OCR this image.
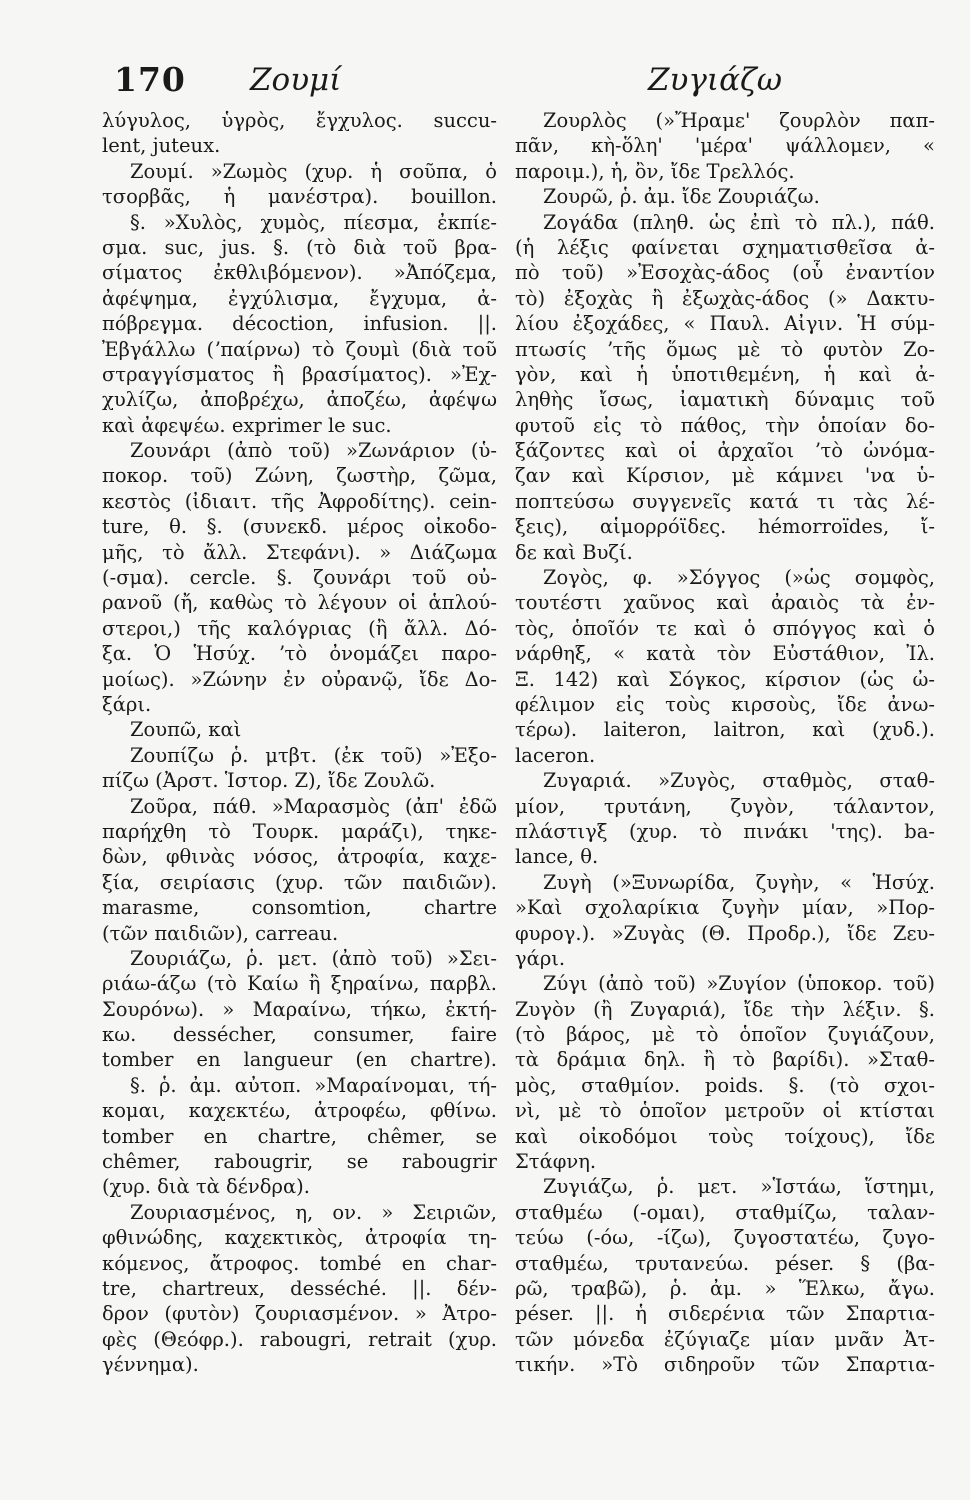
170 Ζουμί	Ζυγιάζω
λύγυλος, ὑγρὸς, ἔγχυλος. succu-
lent, juteux.
Ζουμί. »Ζωμὸς (χυρ. ἡ σοῦπα, ὁ
τσορβᾶς, ἡ μανέστρα). bouillon.
§. »Χυλὸς, χυμὸς, πίεσμα, ἐκπίε-
σμα. suc, jus. §. (τὸ διὰ τοῦ βρα-
σίματος ἐκθλιβόμενον). »Ἀπόζεμα,
ἀφέψημα, ἐγχύλισμα, ἔγχυμα, ἀ-
πόβρεγμα. décoction, infusion. ||.
Ἐβγάλλω (ʼπαίρνω) τὸ ζουμὶ (διὰ τοῦ
στραγγίσματος ἢ βρασίματος). »Ἐχ-
χυλίζω, ἀποβρέχω, ἀποζέω, ἀφέψω
καὶ ἀφεψέω. exprimer le suc.
Ζουνάρι (ἀπὸ τοῦ) »Ζωνάριον (ὑ-
ποκορ. τοῦ) Ζώνη, ζωστὴρ, ζῶμα,
κεστὸς (ἰδιαιτ. τῆς Ἀφροδίτης). cein-
ture, θ. §. (συνεκδ. μέρος οἰκοδο-
μῆς, τὸ ἄλλ. Στεφάνι). » Διάζωμα
(-σμα). cercle. §. ζουνάρι τοῦ οὐ-
ρανοῦ (ἤ, καθὼς τὸ λέγουν οἱ ἁπλού-
στεροι,) τῆς καλόγριας (ἢ ἄλλ. Δό-
ξα. Ὁ Ἡσύχ. ʼτὸ ὀνομάζει παρο-
μοίως). »Ζώνην ἐν οὐρανῷ, ἴδε Δο-
ξάρι.
Ζουπῶ, καὶ
Ζουπίζω ῥ. μτβτ. (ἐκ τοῦ) »Ἐξο-
πίζω (Ἀρστ. Ἱστορ. Ζ), ἴδε Ζουλῶ.
Ζοῦρα, πάθ. »Μαρασμὸς (ἀπ' ἐδῶ
παρήχθη τὸ Τουρκ. μαράζι), τηκε-
δὼν, φθινὰς νόσος, ἀτροφία, καχε-
ξία, σειρίασις (χυρ. τῶν παιδιῶν).
marasme, consomtion, chartre
(τῶν παιδιῶν), carreau.
Ζουριάζω, ῥ. μετ. (ἀπὸ τοῦ) »Σει-
ριάω-άζω (τὸ Καίω ἢ ξηραίνω, παρβλ.
Σουρόνω). » Μαραίνω, τήκω, ἐκτή-
κω. dessécher, consumer, faire
tomber en langueur (en chartre).
§. ῥ. ἀμ. αὐτοπ. »Μαραίνομαι, τή-
κομαι, καχεκτέω, ἀτροφέω, φθίνω.
tomber en chartre, chêmer, se
chêmer, rabougrir, se rabougrir
(χυρ. διὰ τὰ δένδρα).
Ζουριασμένος, η, ον. » Σειριῶν,
φθινώδης, καχεκτικὸς, ἀτροφία τη-
κόμενος, ἄτροφος. tombé en char-
tre, chartreux, desséché. ||. δέν-
δρον (φυτὸν) ζουριασμένον. » Ἀτρο-
φὲς (Θεόφρ.). rabougri, retrait (χυρ.
γέννημα).
Ζουρλὸς (»Ἤραμε' ζουρλὸν παπ-
πᾶν, κὴ-ὅλη' 'μέρα' ψάλλομεν, «
παροιμ.), ἡ, ὂν, ἴδε Τρελλός.
Ζουρῶ, ῥ. ἀμ. ἴδε Ζουριάζω.
Ζογάδα (πληθ. ὡς ἐπὶ τὸ πλ.), πάθ.
(ἡ λέξις φαίνεται σχηματισθεῖσα ἀ-
πὸ τοῦ) »Ἐσοχὰς-άδος (οὗ ἐναντίον
τὸ) ἐξοχὰς ἢ ἐξωχὰς-άδος (» Δακτυ-
λίου ἐξοχάδες, « Παυλ. Αἰγιν. Ἡ σύμ-
πτωσίς ʼτῆς ὅμως μὲ τὸ φυτὸν Ζο-
γὸν, καὶ ἡ ὑποτιθεμένη, ἡ καὶ ἀ-
ληθὴς ἴσως, ἰαματικὴ δύναμις τοῦ
φυτοῦ εἰς τὸ πάθος, τὴν ὁποίαν δο-
ξάζοντες καὶ οἱ ἀρχαῖοι ʼτὸ ὠνόμα-
ζαν καὶ Κίρσιον, μὲ κάμνει 'να ὑ-
ποπτεύσω συγγενεῖς κατά τι τὰς λέ-
ξεις), αἱμορρόϊδες. hémorroïdes, ἴ-
δε καὶ Βυζί.
Ζογὸς, φ. »Σόγγος (»ὡς σομφὸς,
τουτέστι χαῦνος καὶ ἀραιὸς τὰ ἐν-
τὸς, ὁποῖόν τε καὶ ὁ σπόγγος καὶ ὁ
νάρθηξ, « κατὰ τὸν Εὐστάθιον, Ἰλ.
Ξ. 142) καὶ Σόγκος, κίρσιον (ὡς ὠ-
φέλιμον εἰς τοὺς κιρσοὺς, ἴδε ἀνω-
τέρω). laiteron, laitron, καὶ (χυδ.).
laceron.
Ζυγαριά. »Ζυγὸς, σταθμὸς, σταθ-
μίον, τρυτάνη, ζυγὸν, τάλαντον,
πλάστιγξ (χυρ. τὸ πινάκι 'της). ba-
lance, θ.
Ζυγὴ (»Ξυνωρίδα, ζυγὴν, « Ἡσύχ.
»Καὶ σχολαρίκια ζυγὴν μίαν, »Πορ-
φυρογ.). »Ζυγὰς (Θ. Προδρ.), ἴδε Ζευ-
γάρι.
Ζύγι (ἀπὸ τοῦ) »Ζυγίον (ὑποκορ. τοῦ)
Ζυγὸν (ἢ Ζυγαριά), ἴδε τὴν λέξιν. §.
(τὸ βάρος, μὲ τὸ ὁποῖον ζυγιάζουν,
τὰ δράμια δηλ. ἢ τὸ βαρίδι). »Σταθ-
μὸς, σταθμίον. poids. §. (τὸ σχοι-
νὶ, μὲ τὸ ὁποῖον μετροῦν οἱ κτίσται
καὶ οἰκοδόμοι τοὺς τοίχους), ἴδε
Στάφνη.
Ζυγιάζω, ῥ. μετ. »Ἱστάω, ἵστημι,
σταθμέω (-ομαι), σταθμίζω, ταλαν-
τεύω (-όω, -ίζω), ζυγοστατέω, ζυγο-
σταθμέω, τρυτανεύω. péser. § (βα-
ρῶ, τραβῶ), ῥ. ἀμ. » Ἕλκω, ἄγω.
péser. ||. ἡ σιδερένια τῶν Σπαρτια-
τῶν μόνεδα ἐζύγιαζε μίαν μνᾶν Ἀτ-
τικήν. »Τὸ σιδηροῦν τῶν Σπαρτια-
